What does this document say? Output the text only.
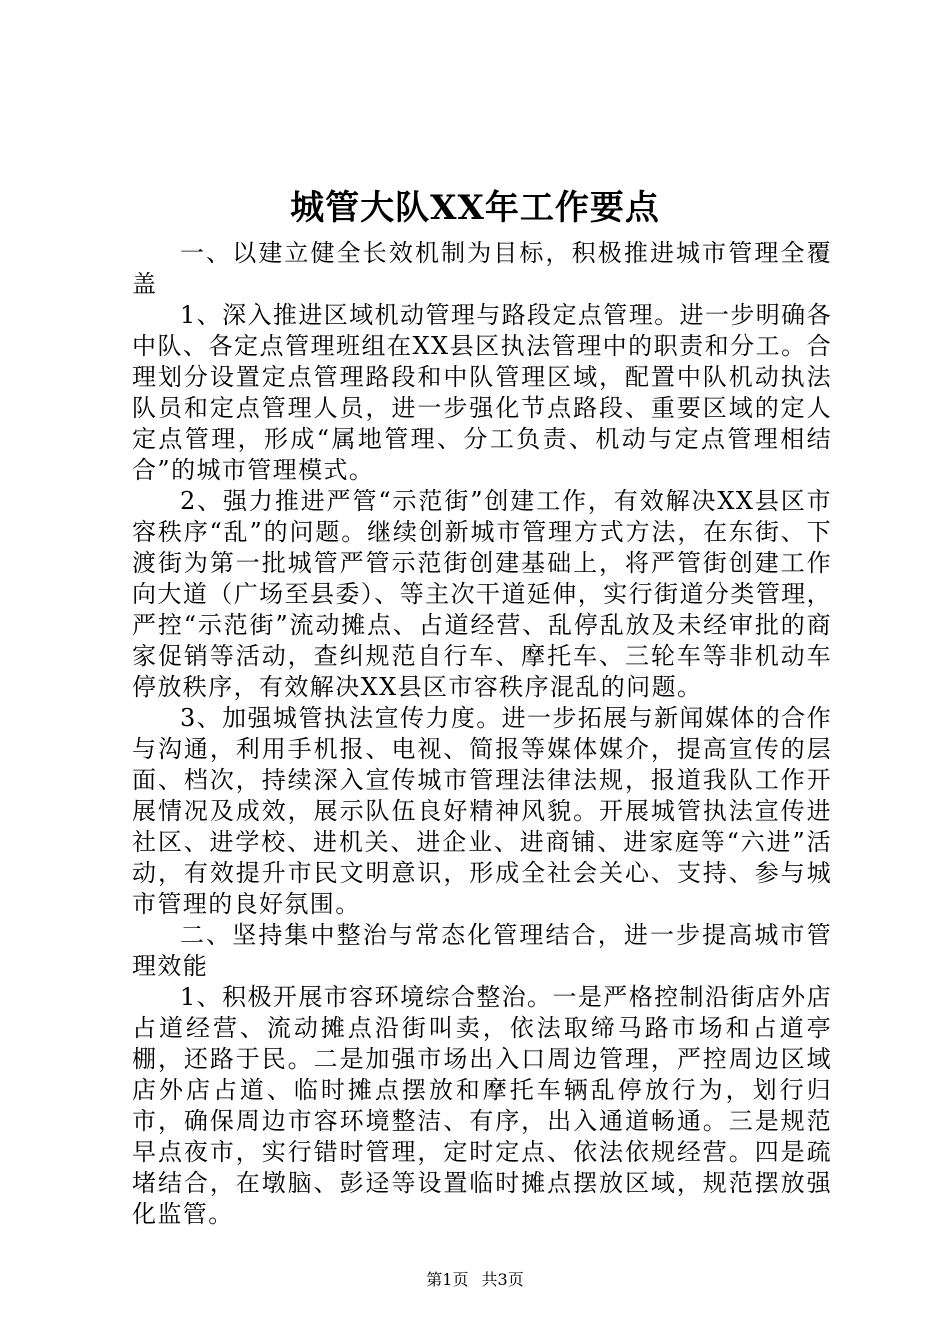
城管大队XX年工作要点

一、以建立健全长效机制为目标，积极推进城市管理全覆盖

1、深入推进区域机动管理与路段定点管理。进一步明确各中队、各定点管理班组在XX县区执法管理中的职责和分工。合理划分设置定点管理路段和中队管理区域，配置中队机动执法队员和定点管理人员，进一步强化节点路段、重要区域的定人定点管理，形成“属地管理、分工负责、机动与定点管理相结合”的城市管理模式。

2、强力推进严管“示范街”创建工作，有效解决XX县区市容秩序“乱”的问题。继续创新城市管理方式方法，在东街、下渡街为第一批城管严管示范街创建基础上，将严管街创建工作向大道（广场至县委）、等主次干道延伸，实行街道分类管理，严控“示范街”流动摊点、占道经营、乱停乱放及未经审批的商家促销等活动，查纠规范自行车、摩托车、三轮车等非机动车停放秩序，有效解决XX县区市容秩序混乱的问题。

3、加强城管执法宣传力度。进一步拓展与新闻媒体的合作与沟通，利用手机报、电视、简报等媒体媒介，提高宣传的层面、档次，持续深入宣传城市管理法律法规，报道我队工作开展情况及成效，展示队伍良好精神风貌。开展城管执法宣传进社区、进学校、进机关、进企业、进商铺、进家庭等“六进”活动，有效提升市民文明意识，形成全社会关心、支持、参与城市管理的良好氛围。

二、坚持集中整治与常态化管理结合，进一步提高城市管理效能

1、积极开展市容环境综合整治。一是严格控制沿街店外店占道经营、流动摊点沿街叫卖，依法取缔马路市场和占道亭棚，还路于民。二是加强市场出入口周边管理，严控周边区域店外店占道、临时摊点摆放和摩托车辆乱停放行为，划行归市，确保周边市容环境整洁、有序，出入通道畅通。三是规范早点夜市，实行错时管理，定时定点、依法依规经营。四是疏堵结合，在墩脑、彭迳等设置临时摊点摆放区域，规范摆放强化监管。

第1页 共3页
